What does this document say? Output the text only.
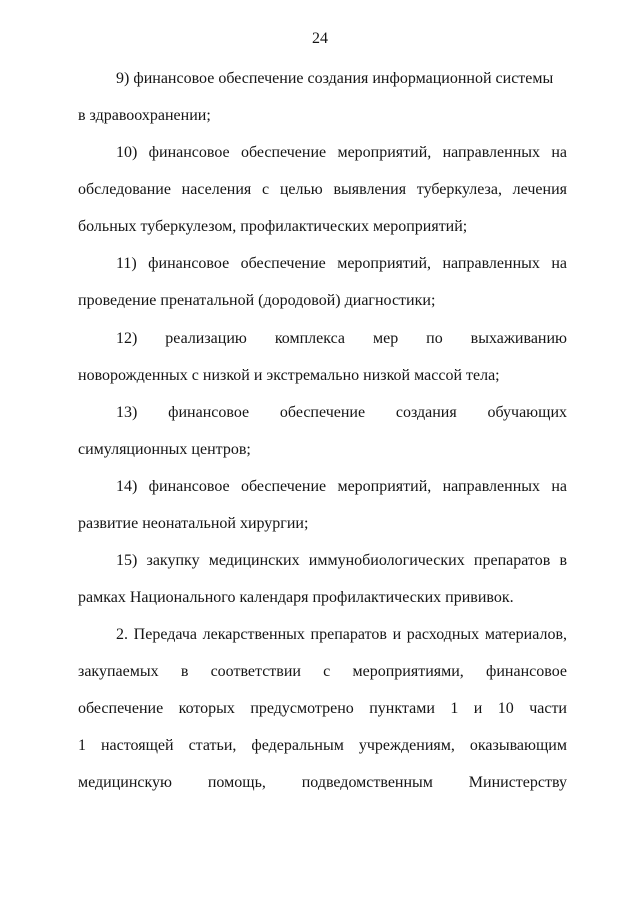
24
9) финансовое обеспечение создания информационной системы
в здравоохранении;
10) финансовое обеспечение мероприятий, направленных на
обследование населения с целью выявления туберкулеза, лечения
больных туберкулезом, профилактических мероприятий;
11) финансовое обеспечение мероприятий, направленных на
проведение пренатальной (дородовой) диагностики;
12) реализацию комплекса мер по выхаживанию
новорожденных с низкой и экстремально низкой массой тела;
13) финансовое обеспечение создания обучающих
симуляционных центров;
14) финансовое обеспечение мероприятий, направленных на
развитие неонатальной хирургии;
15) закупку медицинских иммунобиологических препаратов в
рамках Национального календаря профилактических прививок.
2. Передача лекарственных препаратов и расходных материалов,
закупаемых в соответствии с мероприятиями, финансовое
обеспечение которых предусмотрено пунктами 1 и 10 части
1 настоящей статьи, федеральным учреждениям, оказывающим
медицинскую помощь, подведомственным Министерству
